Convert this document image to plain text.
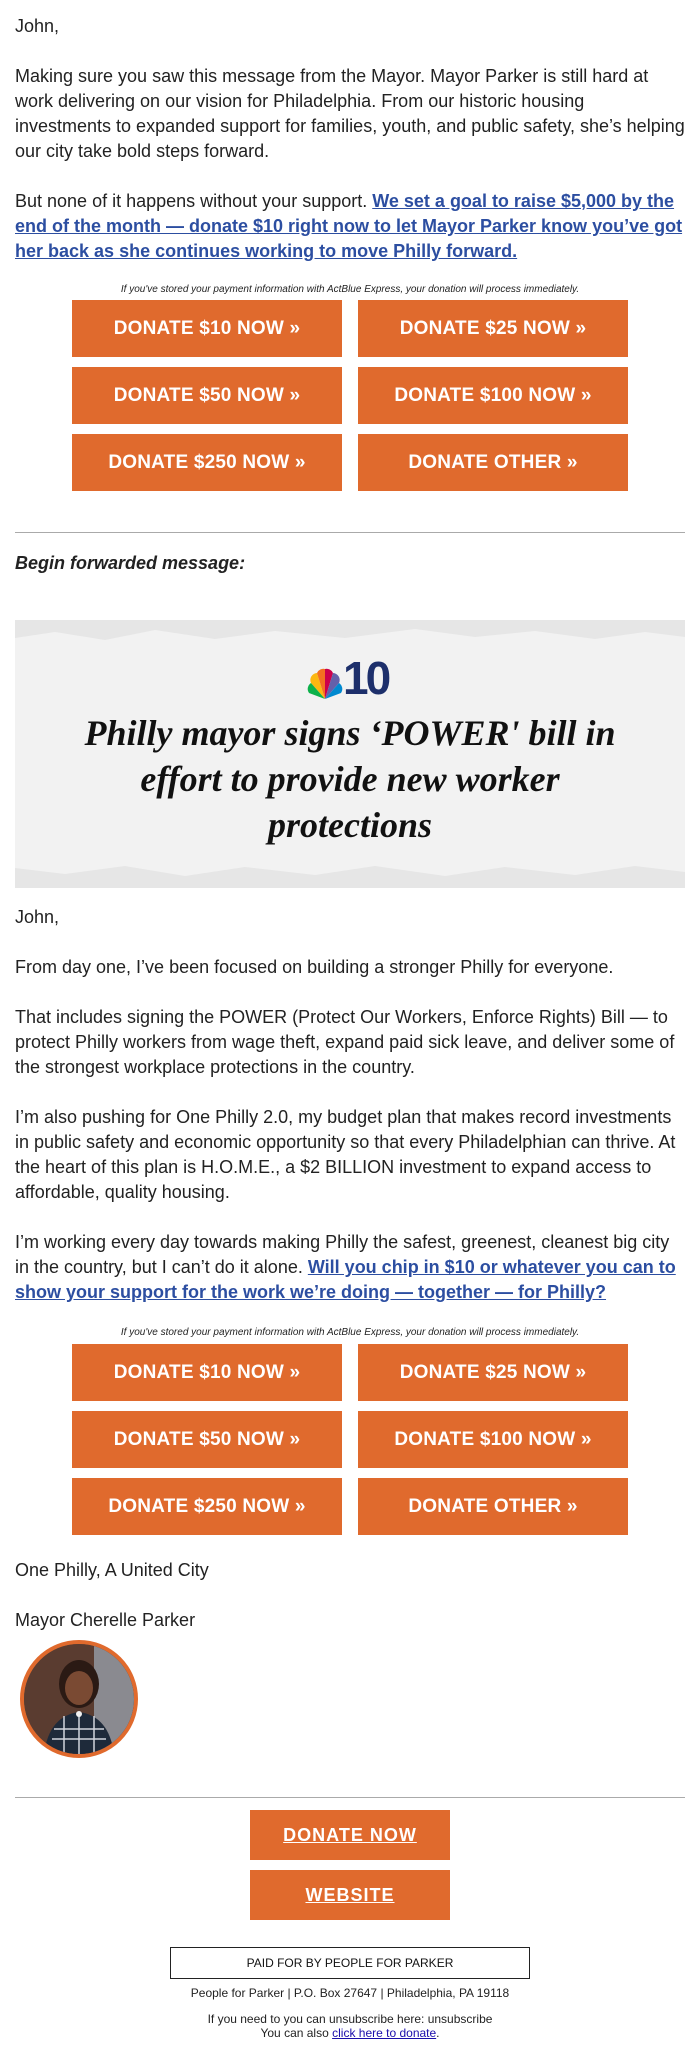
John,

Making sure you saw this message from the Mayor. Mayor Parker is still hard at work delivering on our vision for Philadelphia. From our historic housing investments to expanded support for families, youth, and public safety, she’s helping our city take bold steps forward.

But none of it happens without your support. We set a goal to raise $5,000 by the end of the month — donate $10 right now to let Mayor Parker know you’ve got her back as she continues working to move Philly forward.

If you've stored your payment information with ActBlue Express, your donation will process immediately.
DONATE $10 NOW »	DONATE $25 NOW »
DONATE $50 NOW »	DONATE $100 NOW »
DONATE $250 NOW »	DONATE OTHER »
Begin forwarded message:
10
Philly mayor signs ‘POWER' bill in effort to provide new worker protections

John,

From day one, I’ve been focused on building a stronger Philly for everyone.

That includes signing the POWER (Protect Our Workers, Enforce Rights) Bill — to protect Philly workers from wage theft, expand paid sick leave, and deliver some of the strongest workplace protections in the country.

I’m also pushing for One Philly 2.0, my budget plan that makes record investments in public safety and economic opportunity so that every Philadelphian can thrive. At the heart of this plan is H.O.M.E., a $2 BILLION investment to expand access to affordable, quality housing.

I’m working every day towards making Philly the safest, greenest, cleanest big city in the country, but I can’t do it alone. Will you chip in $10 or whatever you can to show your support for the work we’re doing — together — for Philly?

If you've stored your payment information with ActBlue Express, your donation will process immediately.
DONATE $10 NOW »	DONATE $25 NOW »
DONATE $50 NOW »	DONATE $100 NOW »
DONATE $250 NOW »	DONATE OTHER »

One Philly, A United City

Mayor Cherelle Parker

DONATE NOW
WEBSITE
PAID FOR BY PEOPLE FOR PARKER
People for Parker | P.O. Box 27647 | Philadelphia, PA 19118
If you need to you can unsubscribe here: unsubscribe
You can also click here to donate.
